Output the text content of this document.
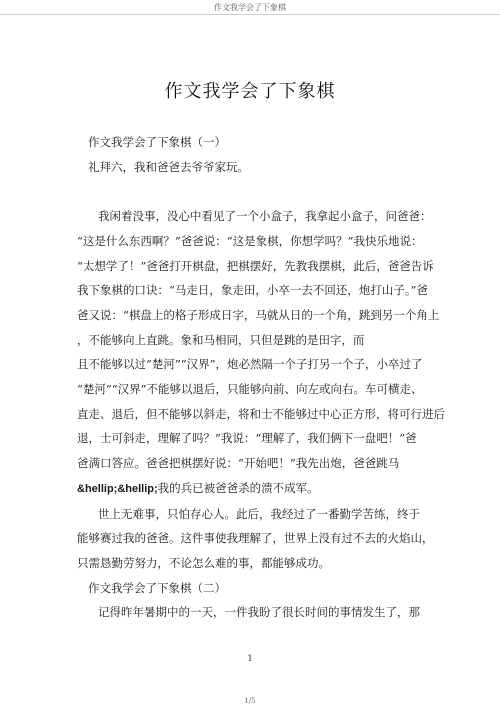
作文我学会了下象棋
作文我学会了下象棋
作文我学会了下象棋（一）
礼拜六，我和爸爸去爷爷家玩。
我闲着没事，没心中看见了一个小盒子，我拿起小盒子，问爸爸：
“这是什么东西啊？”爸爸说：“这是象棋，你想学吗？”我快乐地说：
“太想学了！”爸爸打开棋盘，把棋摆好，先教我摆棋，此后，爸爸告诉
我下象棋的口诀：“马走日，象走田，小卒一去不回还，炮打山子。”爸
爸又说：“棋盘上的格子形成日字，马就从日的一个角，跳到另一个角上
，不能够向上直跳。象和马相同，只但是跳的是田字，而
且不能够以过“楚河”“汉界”，炮必然隔一个子打另一个子，小卒过了
“楚河”“汉界”不能够以退后，只能够向前、向左或向右。车可横走、
直走、退后，但不能够以斜走，将和士不能够过中心正方形，将可行进后
退，士可斜走，理解了吗？”我说：“理解了，我们俩下一盘吧！”爸
爸满口答应。爸爸把棋摆好说：“开始吧！”我先出炮，爸爸跳马
&hellip;&hellip;我的兵已被爸爸杀的溃不成军。
世上无难事，只怕存心人。此后，我经过了一番勤学苦练，终于
能够赛过我的爸爸。这件事使我理解了，世界上没有过不去的火焰山，
只需恳勤劳努力，不论怎么难的事，都能够成功。
作文我学会了下象棋（二）
记得昨年暑期中的一天，一件我盼了很长时间的事情发生了，那
1
1/5
